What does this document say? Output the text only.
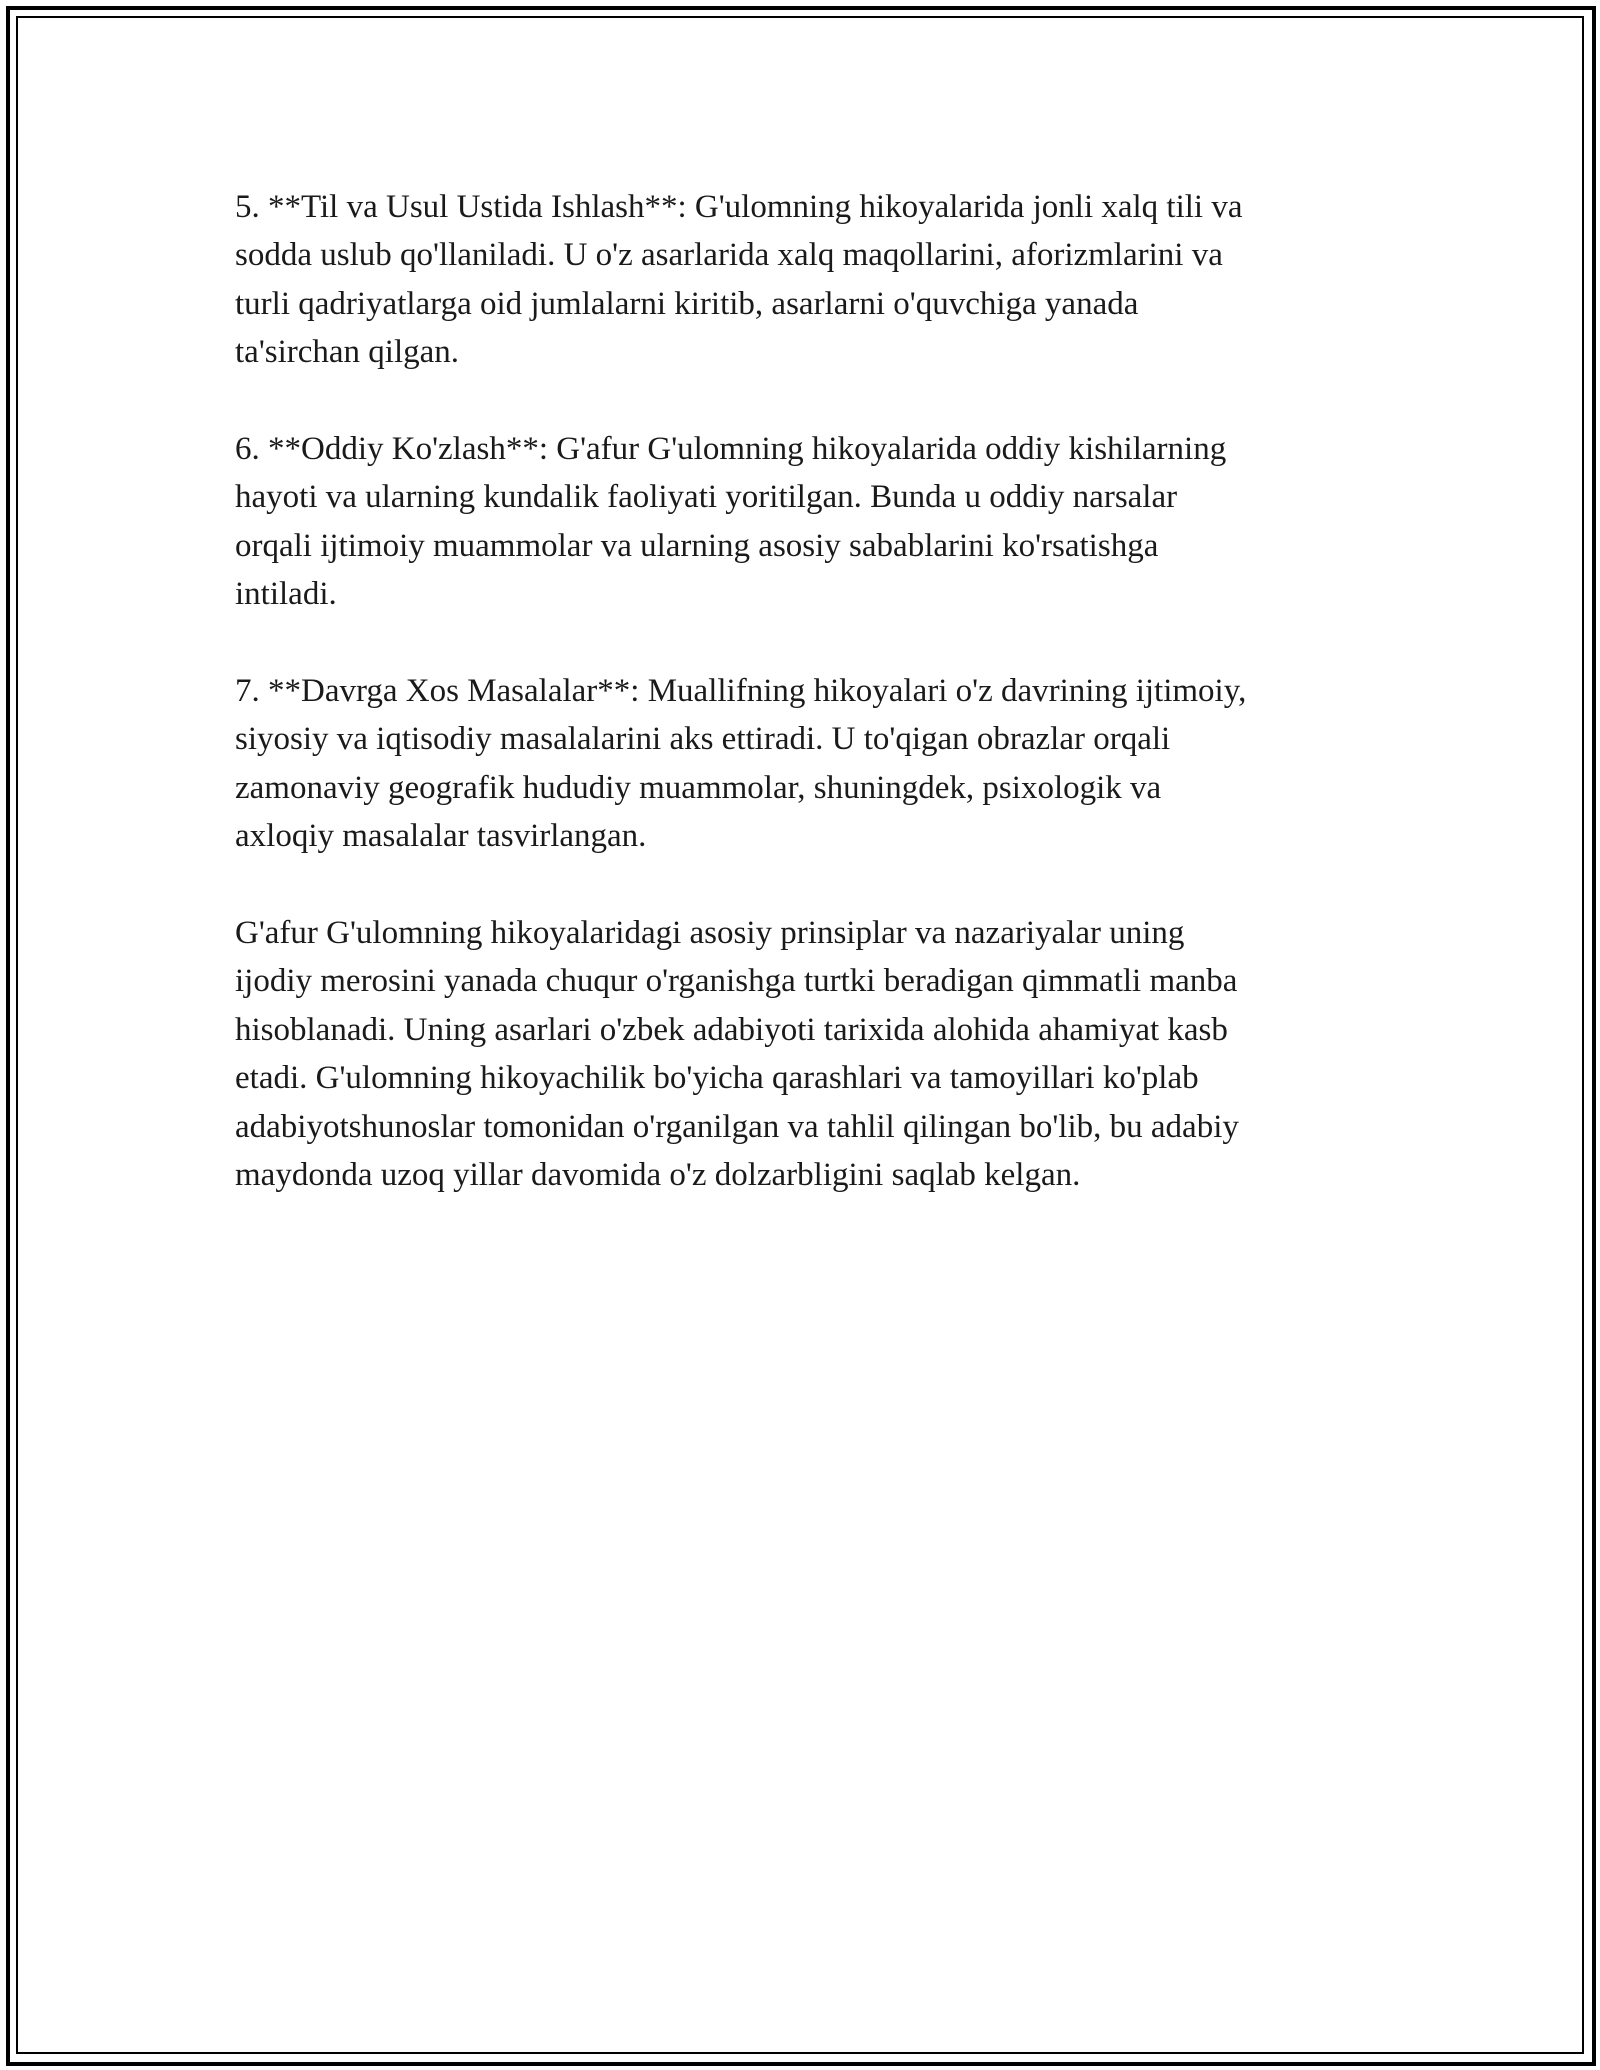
5. **Til va Usul Ustida Ishlash**: G'ulomning hikoyalarida jonli xalq tili va
sodda uslub qo'llaniladi. U o'z asarlarida xalq maqollarini, aforizmlarini va
turli qadriyatlarga oid jumlalarni kiritib, asarlarni o'quvchiga yanada
ta'sirchan qilgan.

6. **Oddiy Ko'zlash**: G'afur G'ulomning hikoyalarida oddiy kishilarning
hayoti va ularning kundalik faoliyati yoritilgan. Bunda u oddiy narsalar
orqali ijtimoiy muammolar va ularning asosiy sabablarini ko'rsatishga
intiladi.

7. **Davrga Xos Masalalar**: Muallifning hikoyalari o'z davrining ijtimoiy,
siyosiy va iqtisodiy masalalarini aks ettiradi. U to'qigan obrazlar orqali
zamonaviy geografik hududiy muammolar, shuningdek, psixologik va
axloqiy masalalar tasvirlangan.

G'afur G'ulomning hikoyalaridagi asosiy prinsiplar va nazariyalar uning
ijodiy merosini yanada chuqur o'rganishga turtki beradigan qimmatli manba
hisoblanadi. Uning asarlari o'zbek adabiyoti tarixida alohida ahamiyat kasb
etadi. G'ulomning hikoyachilik bo'yicha qarashlari va tamoyillari ko'plab
adabiyotshunoslar tomonidan o'rganilgan va tahlil qilingan bo'lib, bu adabiy
maydonda uzoq yillar davomida o'z dolzarbligini saqlab kelgan.
